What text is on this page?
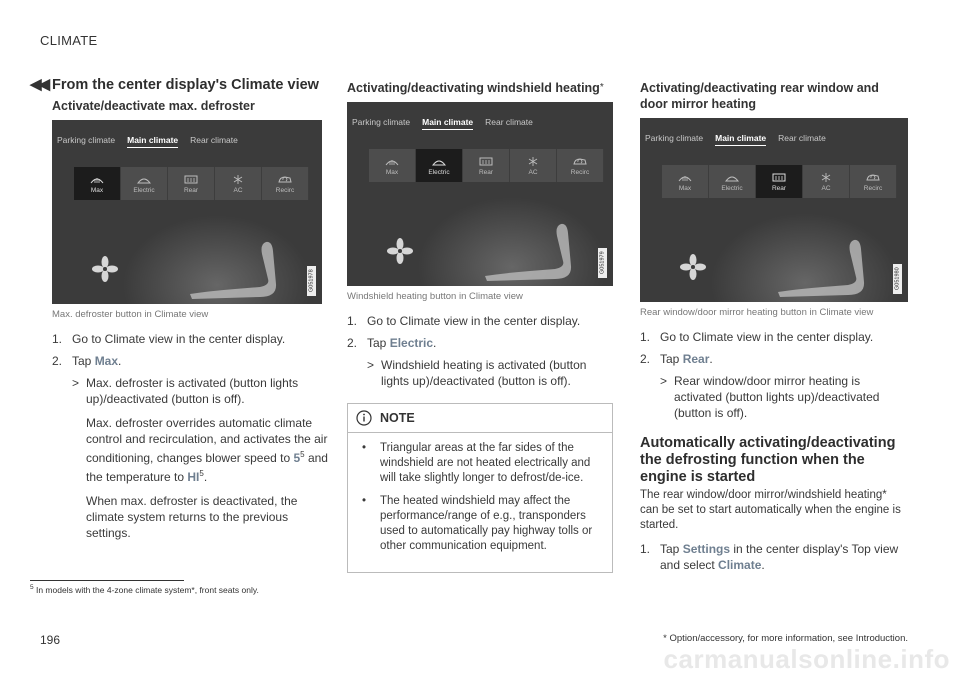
CLIMATE
◀◀ From the center display's Climate view
Activate/deactivate max. defroster
Parking climate Main climate Rear climate
Max	Electric	Rear	AC	Recirc
G051978
Max. defroster button in Climate view
1. Go to Climate view in the center display.
2. Tap Max.
> Max. defroster is activated (button lights up)/deactivated (button is off).

Max. defroster overrides automatic climate control and recirculation, and activates the air conditioning, changes blower speed to $5^5$ and the temperature to $HI^5$.

When max. defroster is deactivated, the climate system returns to the previous settings.

Activating/deactivating windshield heating*
Parking climate Main climate Rear climate
Max	Electric	Rear	AC	Recirc
G051979
Windshield heating button in Climate view
1. Go to Climate view in the center display.
2. Tap Electric.
> Windshield heating is activated (button lights up)/deactivated (button is off).

NOTE
• Triangular areas at the far sides of the windshield are not heated electrically and will take slightly longer to defrost/de-ice.
• The heated windshield may affect the performance/range of e.g., transponders used to automatically pay highway tolls or other communication equipment.
Activating/deactivating rear window and door mirror heating
Parking climate Main climate Rear climate
Max	Electric	Rear	AC	Recirc
G051980
Rear window/door mirror heating button in Climate view
1. Go to Climate view in the center display.
2. Tap Rear.
> Rear window/door mirror heating is activated (button lights up)/deactivated (button is off).

Automatically activating/deactivating the defrosting function when the engine is started
The rear window/door mirror/windshield heating* can be set to start automatically when the engine is started.
1. Tap Settings in the center display's Top view and select Climate.
$^5$ In models with the 4-zone climate system*, front seats only.
196	* Option/accessory, for more information, see Introduction.
carmanualsonline.info
